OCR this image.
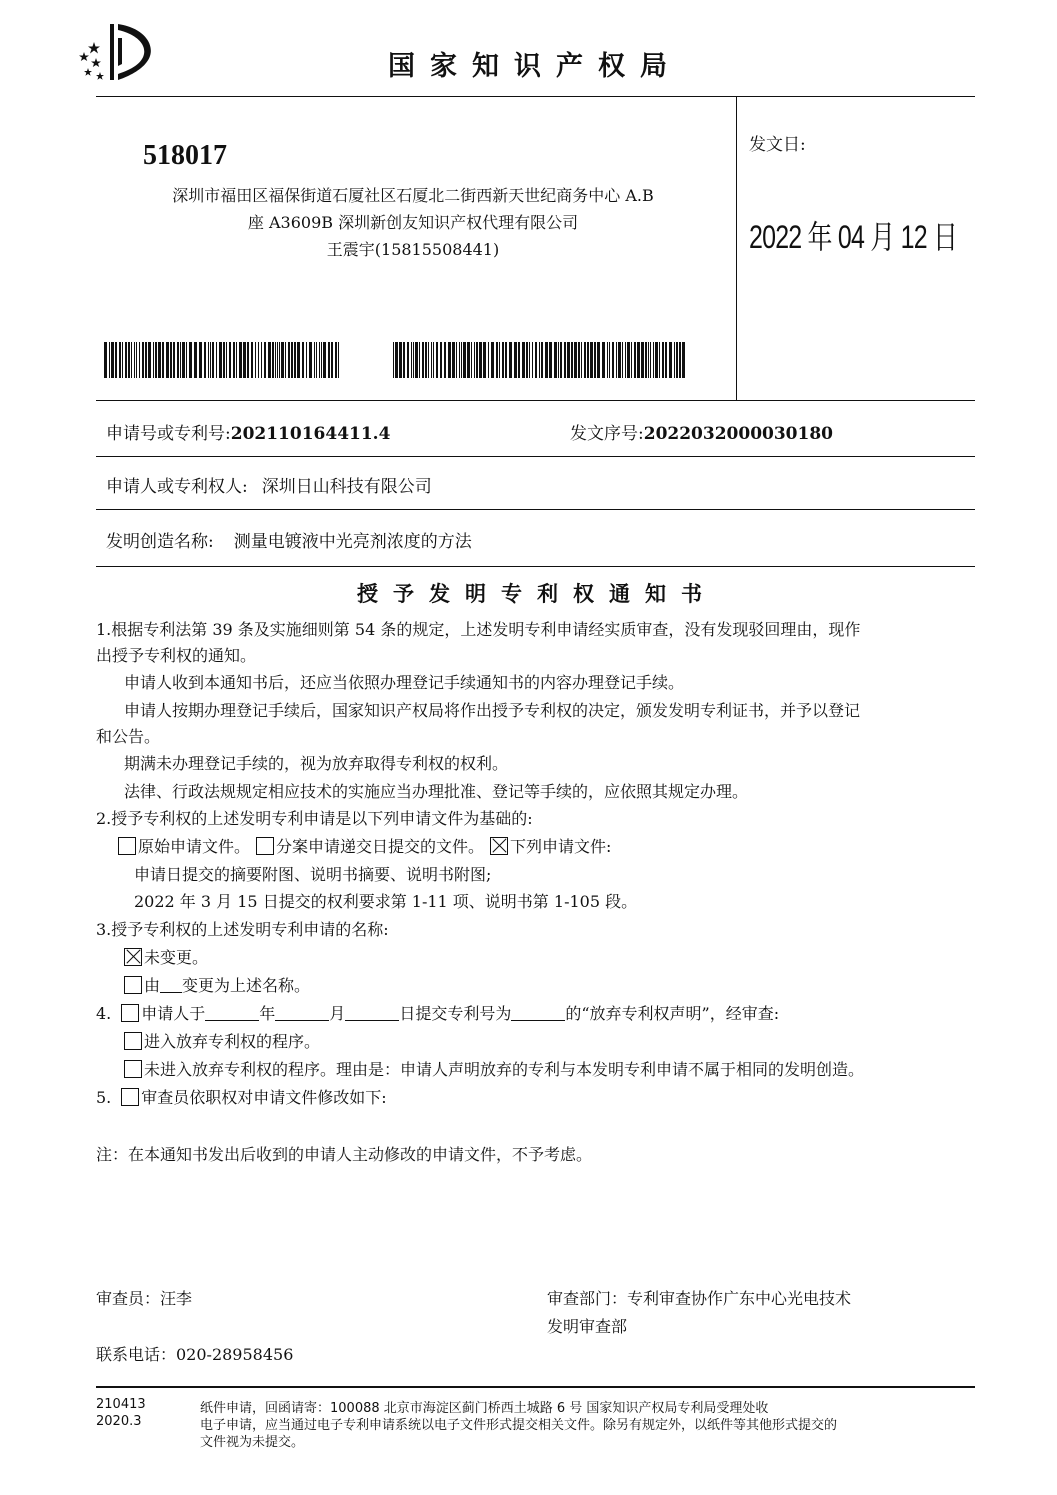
国家知识产权局
518017
深圳市福田区福保街道石厦社区石厦北二街西新天世纪商务中心 A.B
座 A3609B 深圳新创友知识产权代理有限公司
王震宇(15815508441)
发文日:
2022 年 04 月 12 日
申请号或专利号:202110164411.4	发文序号:2022032000030180
申请人或专利权人: 深圳日山科技有限公司
发明创造名称: 测量电镀液中光亮剂浓度的方法
授予发明专利权通知书
1.根据专利法第 39 条及实施细则第 54 条的规定，上述发明专利申请经实质审查，没有发现驳回理由，现作
出授予专利权的通知。
申请人收到本通知书后，还应当依照办理登记手续通知书的内容办理登记手续。
申请人按期办理登记手续后，国家知识产权局将作出授予专利权的决定，颁发发明专利证书，并予以登记
和公告。
期满未办理登记手续的，视为放弃取得专利权的权利。
法律、行政法规规定相应技术的实施应当办理批准、登记等手续的，应依照其规定办理。
2.授予专利权的上述发明专利申请是以下列申请文件为基础的:
原始申请文件。 分案申请递交日提交的文件。 下列申请文件:
申请日提交的摘要附图、说明书摘要、说明书附图;
2022 年 3 月 15 日提交的权利要求第 1-11 项、说明书第 1-105 段。
3.授予专利权的上述发明专利申请的名称:
未变更。
由 变更为上述名称。
4. 申请人于	年	月	日提交专利号为	的“放弃专利权声明”，经审查:
进入放弃专利权的程序。
未进入放弃专利权的程序。理由是：申请人声明放弃的专利与本发明专利申请不属于相同的发明创造。
5. 审查员依职权对申请文件修改如下:
注：在本通知书发出后收到的申请人主动修改的申请文件，不予考虑。
审查员：汪李	审查部门：专利审查协作广东中心光电技术
发明审查部
联系电话：020-28958456
210413
2020.3
纸件申请，回函请寄：100088 北京市海淀区蓟门桥西土城路 6 号 国家知识产权局专利局受理处收
电子申请，应当通过电子专利申请系统以电子文件形式提交相关文件。除另有规定外，以纸件等其他形式提交的
文件视为未提交。
